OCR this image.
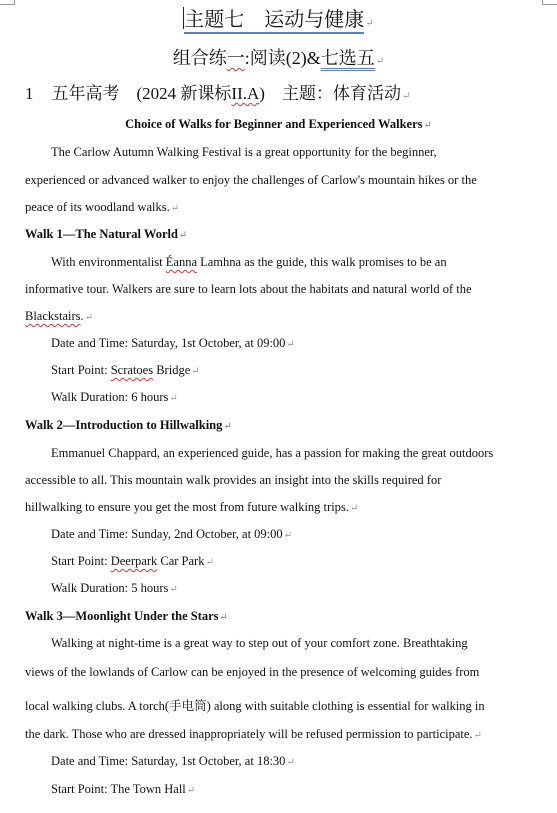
主题七　运动与健康↵
组合练一:阅读(2)&七选五↵
1 五年高考　(2024 新课标II.A)　主题：体育活动↵
Choice of Walks for Beginner and Experienced Walkers↵
The Carlow Autumn Walking Festival is a great opportunity for the beginner,
experienced or advanced walker to enjoy the challenges of Carlow's mountain hikes or the
peace of its woodland walks.↵
Walk 1—The Natural World↵
With environmentalist Éanna Lamhna as the guide, this walk promises to be an
informative tour. Walkers are sure to learn lots about the habitats and natural world of the
Blackstairs.↵
Date and Time: Saturday, 1st October, at 09:00↵
Start Point: Scratoes Bridge↵
Walk Duration: 6 hours↵
Walk 2—Introduction to Hillwalking↵
Emmanuel Chappard, an experienced guide, has a passion for making the great outdoors
accessible to all. This mountain walk provides an insight into the skills required for
hillwalking to ensure you get the most from future walking trips.↵
Date and Time: Sunday, 2nd October, at 09:00↵
Start Point: Deerpark Car Park↵
Walk Duration: 5 hours↵
Walk 3—Moonlight Under the Stars↵
Walking at night-time is a great way to step out of your comfort zone. Breathtaking
views of the lowlands of Carlow can be enjoyed in the presence of welcoming guides from
local walking clubs. A torch(手电筒) along with suitable clothing is essential for walking in
the dark. Those who are dressed inappropriately will be refused permission to participate.↵
Date and Time: Saturday, 1st October, at 18:30↵
Start Point: The Town Hall↵
